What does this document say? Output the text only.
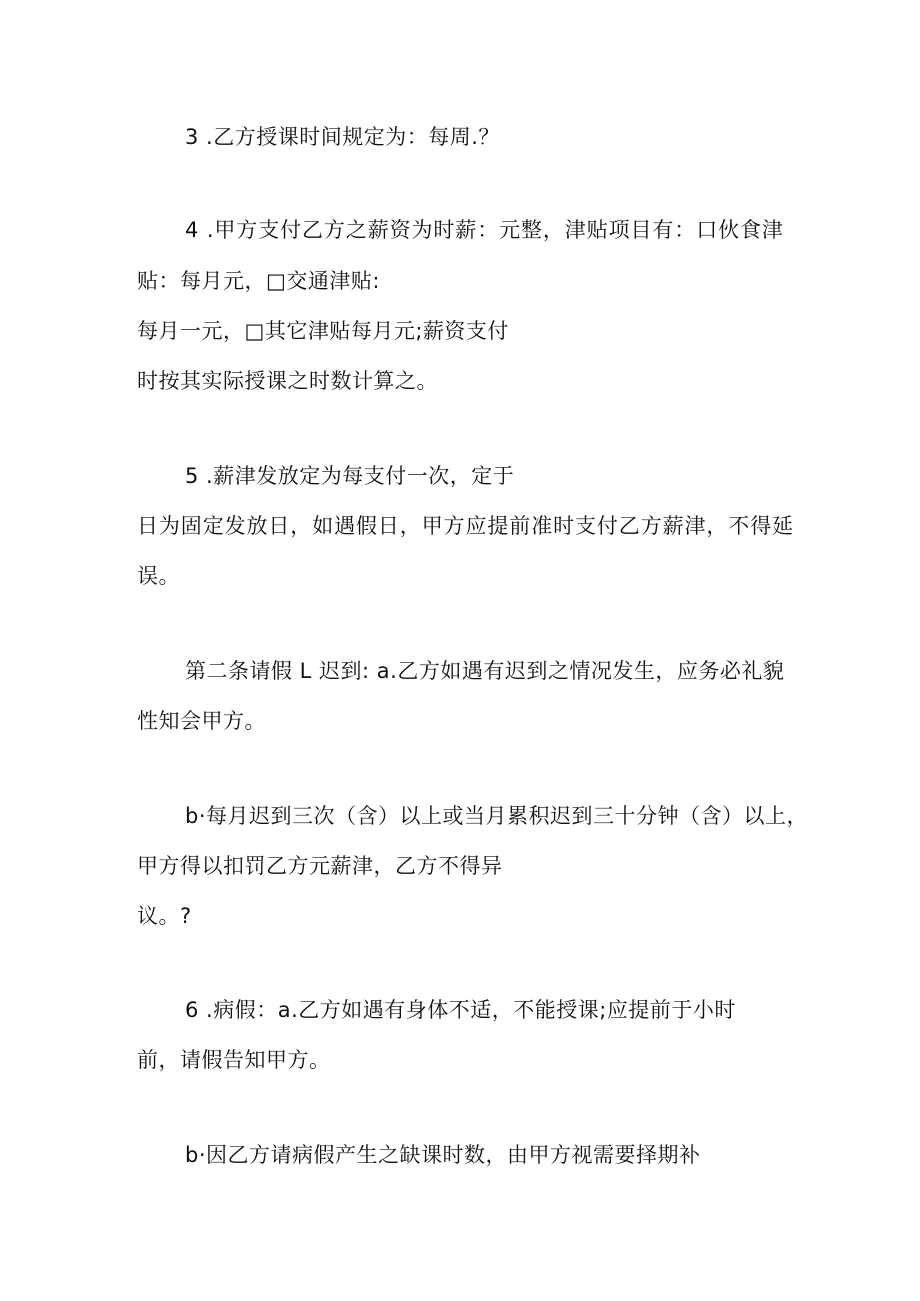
3 .乙方授课时间规定为：每周.？
4 .甲方支付乙方之薪资为时薪：元整，津贴项目有：口伙食津
贴：每月元，□交通津贴:
每月一元，□其它津贴每月元;薪资支付
时按其实际授课之时数计算之。
5 .薪津发放定为每支付一次，定于
日为固定发放日，如遇假日，甲方应提前准时支付乙方薪津，不得延
误。
第二条请假 L 迟到: a.乙方如遇有迟到之情况发生，应务必礼貌
性知会甲方。
b·每月迟到三次（含）以上或当月累积迟到三十分钟（含）以上，
甲方得以扣罚乙方元薪津，乙方不得异
议。?
6 .病假：a.乙方如遇有身体不适，不能授课;应提前于小时
前，请假告知甲方。
b·因乙方请病假产生之缺课时数，由甲方视需要择期补
